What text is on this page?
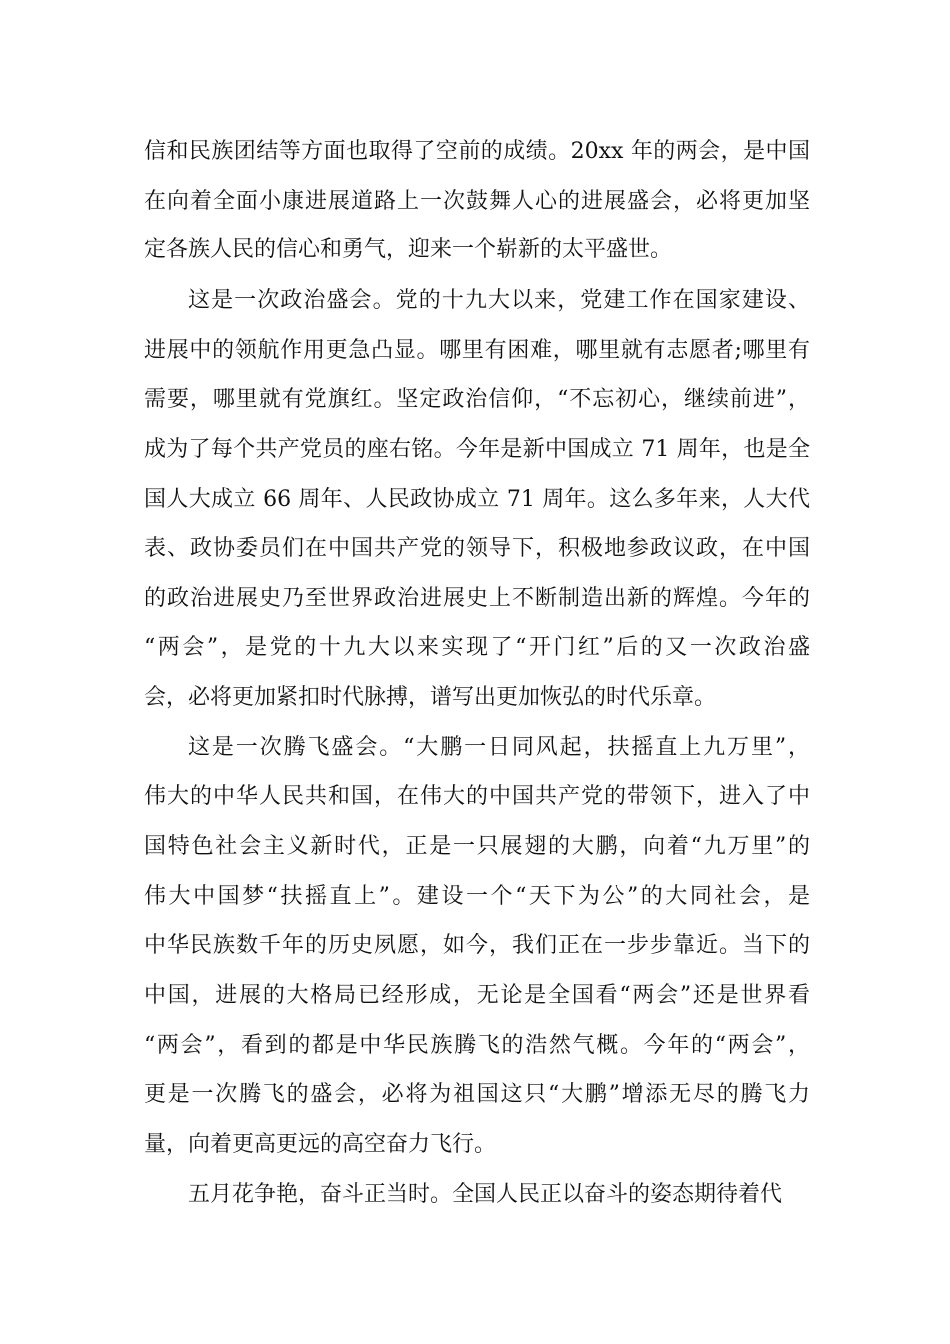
信和民族团结等方面也取得了空前的成绩。20xx 年的两会，是中国

在向着全面小康进展道路上一次鼓舞人心的进展盛会，必将更加坚

定各族人民的信心和勇气，迎来一个崭新的太平盛世。

这是一次政治盛会。党的十九大以来，党建工作在国家建设、

进展中的领航作用更急凸显。哪里有困难，哪里就有志愿者;哪里有

需要，哪里就有党旗红。坚定政治信仰，“不忘初心，继续前进”，

成为了每个共产党员的座右铭。今年是新中国成立 71 周年，也是全

国人大成立 66 周年、人民政协成立 71 周年。这么多年来，人大代

表、政协委员们在中国共产党的领导下，积极地参政议政，在中国

的政治进展史乃至世界政治进展史上不断制造出新的辉煌。今年的

“两会”，是党的十九大以来实现了“开门红”后的又一次政治盛

会，必将更加紧扣时代脉搏，谱写出更加恢弘的时代乐章。

这是一次腾飞盛会。“大鹏一日同风起，扶摇直上九万里”，

伟大的中华人民共和国，在伟大的中国共产党的带领下，进入了中

国特色社会主义新时代，正是一只展翅的大鹏，向着“九万里”的

伟大中国梦“扶摇直上”。建设一个“天下为公”的大同社会，是

中华民族数千年的历史夙愿，如今，我们正在一步步靠近。当下的

中国，进展的大格局已经形成，无论是全国看“两会”还是世界看

“两会”，看到的都是中华民族腾飞的浩然气概。今年的“两会”，

更是一次腾飞的盛会，必将为祖国这只“大鹏”增添无尽的腾飞力

量，向着更高更远的高空奋力飞行。

五月花争艳，奋斗正当时。全国人民正以奋斗的姿态期待着代
